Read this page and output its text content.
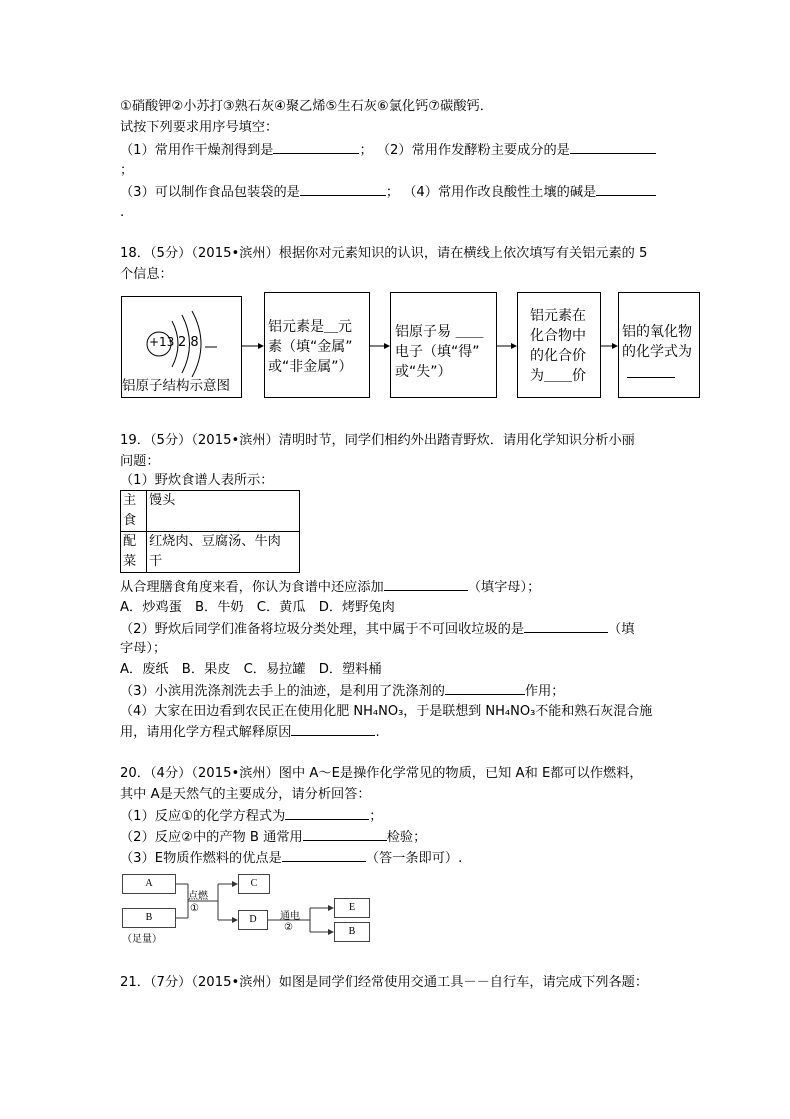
①硝酸钾②小苏打③熟石灰④聚乙烯⑤生石灰⑥氯化钙⑦碳酸钙．
试按下列要求用序号填空：
（1）常用作干燥剂得到是	； （2）常用作发酵粉主要成分的是
；
（3）可以制作食品包装袋的是	； （4）常用作改良酸性土壤的碱是
.
18．（5分）（2015•滨州）根据你对元素知识的认识，请在横线上依次填写有关铝元素的 5
个信息：
+13 2 8
铝原子结构示意图
铝元素是＿元
素（填“金属”
或“非金属”）
铝原子易 ＿＿
电子（填“得”
或“失”）
铝元素在
化合物中
的化合价
为＿＿价
铝的氧化物
的化学式为
19．（5分）（2015•滨州）清明时节，同学们相约外出踏青野炊．请用化学知识分析小丽
问题：
（1）野炊食谱人表所示：
主
食	馒头

配
菜	红烧肉、豆腐汤、牛肉
干
从合理膳食角度来看，你认为食谱中还应添加	（填字母）；
A．炒鸡蛋　B．牛奶　C．黄瓜　D．烤野兔肉
（2）野炊后同学们准备将垃圾分类处理，其中属于不可回收垃圾的是	（填
字母）；
A．废纸　B．果皮　C．易拉罐　D．塑料桶
（3）小滨用洗涤剂洗去手上的油迹，是利用了洗涤剂的	作用；
（4）大家在田边看到农民正在使用化肥 NH₄NO₃，于是联想到 NH₄NO₃不能和熟石灰混合施
用，请用化学方程式解释原因	.
20．（4分）（2015•滨州）图中 A～E是操作化学常见的物质，已知 A和 E都可以作燃料，
其中 A是天然气的主要成分，请分析回答：
（1）反应①的化学方程式为	；
（2）反应②中的产物 B 通常用	检验；
（3）E物质作燃料的优点是	（答一条即可）.
A
B
（足量）
点燃
①
C
D	通电
②
E
B
21．（7分）（2015•滨州）如图是同学们经常使用交通工具－－自行车，请完成下列各题：
